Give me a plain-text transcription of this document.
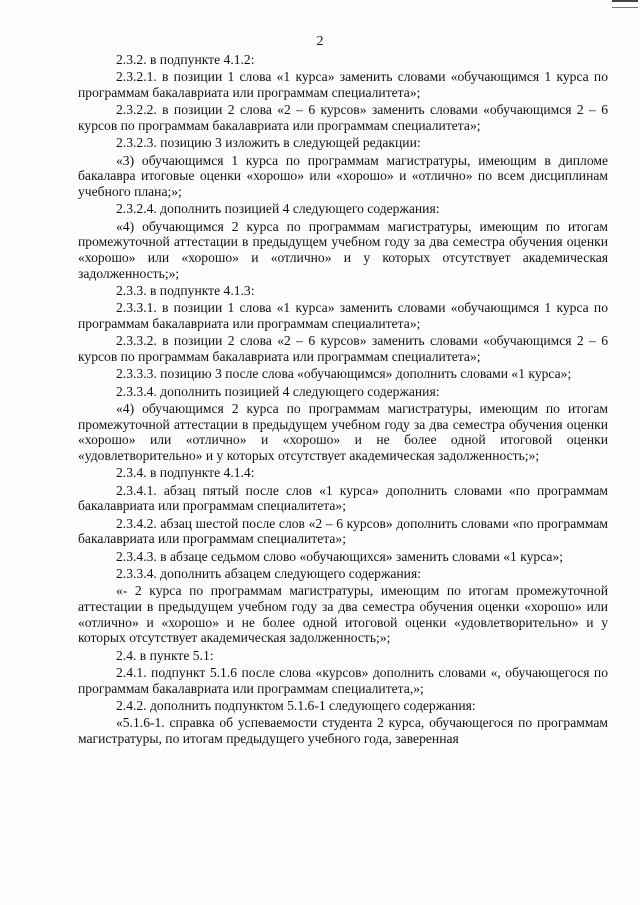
2

2.3.2. в подпункте 4.1.2:

2.3.2.1. в позиции 1 слова «1 курса» заменить словами «обучающимся 1 курса по программам бакалавриата или программам специалитета»;

2.3.2.2. в позиции 2 слова «2 – 6 курсов» заменить словами «обучающимся 2 – 6 курсов по программам бакалавриата или программам специалитета»;

2.3.2.3. позицию 3 изложить в следующей редакции:

«3) обучающимся 1 курса по программам магистратуры, имеющим в дипломе бакалавра итоговые оценки «хорошо» или «хорошо» и «отлично» по всем дисциплинам учебного плана;»;

2.3.2.4. дополнить позицией 4 следующего содержания:

«4) обучающимся 2 курса по программам магистратуры, имеющим по итогам промежуточной аттестации в предыдущем учебном году за два семестра обучения оценки «хорошо» или «хорошо» и «отлично» и у которых отсутствует академическая задолженность;»;

2.3.3. в подпункте 4.1.3:

2.3.3.1. в позиции 1 слова «1 курса» заменить словами «обучающимся 1 курса по программам бакалавриата или программам специалитета»;

2.3.3.2. в позиции 2 слова «2 – 6 курсов» заменить словами «обучающимся 2 – 6 курсов по программам бакалавриата или программам специалитета»;

2.3.3.3. позицию 3 после слова «обучающимся» дополнить словами «1 курса»;

2.3.3.4. дополнить позицией 4 следующего содержания:

«4) обучающимся 2 курса по программам магистратуры, имеющим по итогам промежуточной аттестации в предыдущем учебном году за два семестра обучения оценки «хорошо» или «отлично» и «хорошо» и не более одной итоговой оценки «удовлетворительно» и у которых отсутствует академическая задолженность;»;

2.3.4. в подпункте 4.1.4:

2.3.4.1. абзац пятый после слов «1 курса» дополнить словами «по программам бакалавриата или программам специалитета»;

2.3.4.2. абзац шестой после слов «2 – 6 курсов» дополнить словами «по программам бакалавриата или программам специалитета»;

2.3.4.3. в абзаце седьмом слово «обучающихся» заменить словами «1 курса»;

2.3.3.4. дополнить абзацем следующего содержания:

«- 2 курса по программам магистратуры, имеющим по итогам промежуточной аттестации в предыдущем учебном году за два семестра обучения оценки «хорошо» или «отлично» и «хорошо» и не более одной итоговой оценки «удовлетворительно» и у которых отсутствует академическая задолженность;»;

2.4. в пункте 5.1:

2.4.1. подпункт 5.1.6 после слова «курсов» дополнить словами «, обучающегося по программам бакалавриата или программам специалитета,»;

2.4.2. дополнить подпунктом 5.1.6-1 следующего содержания:

«5.1.6-1. справка об успеваемости студента 2 курса, обучающегося по программам магистратуры, по итогам предыдущего учебного года, заверенная
